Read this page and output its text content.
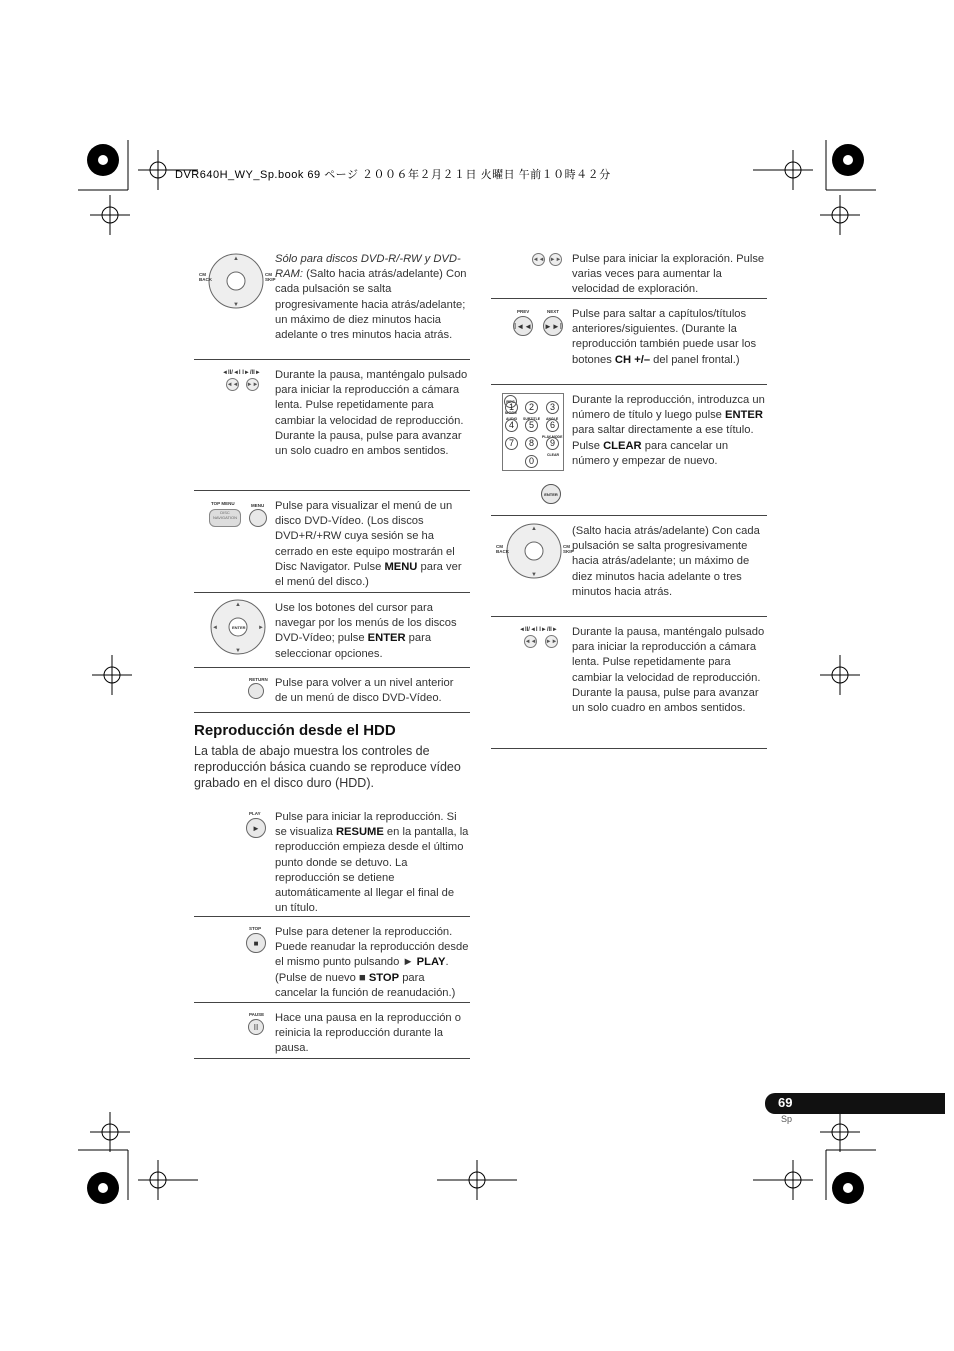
DVR640H_WY_Sp.book 69 ページ ２００６年２月２１日 火曜日 午前１０時４２分
▲
▼
CM BACK
CM SKIP
Sólo para discos DVD-R/-RW y DVD-RAM: (Salto hacia atrás/adelante) Con cada pulsación se salta progresivamente hacia atrás/adelante; un máximo de diez minutos hacia adelante o tres minutos hacia atrás.
◄II/◄I I►/II►
◄◄ ►►
Durante la pausa, manténgalo pulsado para iniciar la reproducción a cámara lenta. Pulse repetidamente para cambiar la velocidad de reproducción. Durante la pausa, pulse para avanzar un solo cuadro en ambos sentidos.
TOP MENU
DISC NAVIGATION
MENU Pulse para visualizar el menú de un disco DVD-Vídeo. (Los discos DVD+R/+RW cuya sesión se ha cerrado en este equipo mostrarán el Disc Navigator. Pulse MENU para ver el menú del disco.)
▲
▼
◄	►
ENTER
Use los botones del cursor para navegar por los menús de los discos DVD-Vídeo; pulse ENTER para seleccionar opciones.
RETURN Pulse para volver a un nivel anterior de un menú de disco DVD-Vídeo.
Reproducción desde el HDD
La tabla de abajo muestra los controles de reproducción básica cuando se reproduce vídeo grabado en el disco duro (HDD).
PLAY
►
Pulse para iniciar la reproducción. Si se visualiza RESUME en la pantalla, la reproducción empieza desde el último punto donde se detuvo. La reproducción se detiene automáticamente al llegar el final de un título.
STOP
■
Pulse para detener la reproducción. Puede reanudar la reproducción desde el mismo punto pulsando ► PLAY. (Pulse de nuevo ■ STOP para cancelar la función de reanudación.)
PAUSE
II
Hace una pausa en la reproducción o reinicia la reproducción durante la pausa.
◄◄ ►► Pulse para iniciar la exploración. Pulse varias veces para aumentar la velocidad de exploración.
PREV
I◄◄
NEXT
►►I
Pulse para saltar a capítulos/títulos anteriores/siguientes. (Durante la reproducción también puede usar los botones CH +/– del panel frontal.)
REC MODE
1	2	3
AUDIO SUBTITLE ANGLE
4	5	6
PLAY MODE
7	8	9
CLEAR
0
ENTER
Durante la reproducción, introduzca un número de título y luego pulse ENTER para saltar directamente a ese título.
Pulse CLEAR para cancelar un número y empezar de nuevo.
▲
▼
CM BACK
CM SKIP
(Salto hacia atrás/adelante) Con cada pulsación se salta progresivamente hacia atrás/adelante; un máximo de diez minutos hacia adelante o tres minutos hacia atrás.
◄II/◄I I►/II►
◄◄ ►►
Durante la pausa, manténgalo pulsado para iniciar la reproducción a cámara lenta. Pulse repetidamente para cambiar la velocidad de reproducción. Durante la pausa, pulse para avanzar un solo cuadro en ambos sentidos.
69
Sp
